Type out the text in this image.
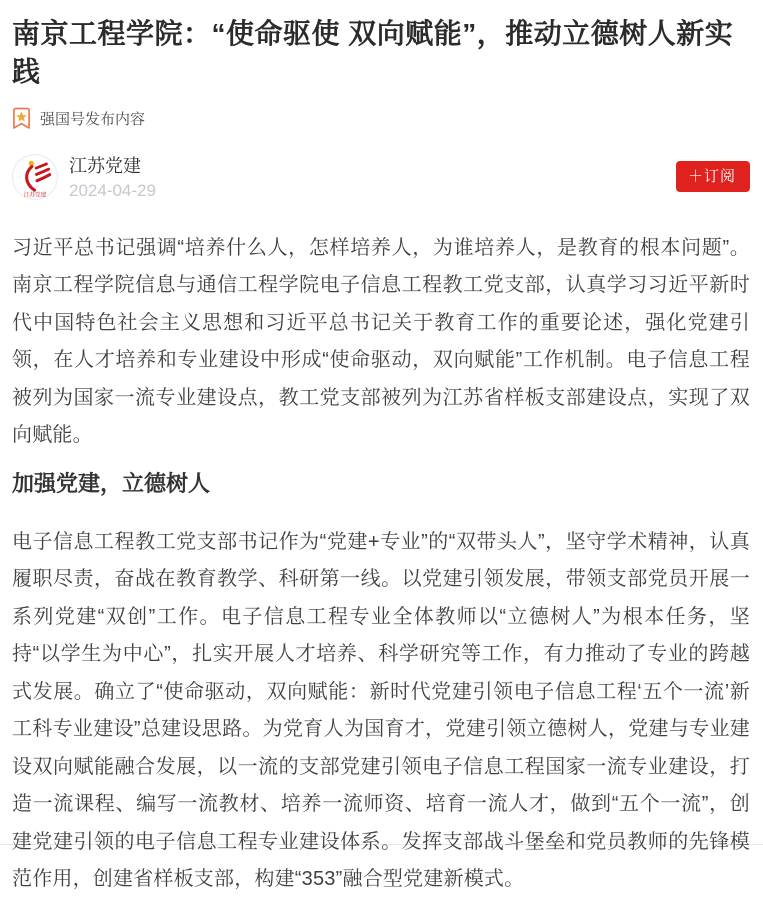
南京工程学院：“使命驱使 双向赋能”，推动立德树人新实践
强国号发布内容
江苏党建
江苏党建
2024-04-29
＋订阅

习近平总书记强调“培养什么人，怎样培养人，为谁培养人，是教育的根本问题”。南京工程学院信息与通信工程学院电子信息工程教工党支部，认真学习习近平新时代中国特色社会主义思想和习近平总书记关于教育工作的重要论述，强化党建引领，在人才培养和专业建设中形成“使命驱动，双向赋能”工作机制。电子信息工程被列为国家一流专业建设点，教工党支部被列为江苏省样板支部建设点，实现了双向赋能。

加强党建，立德树人

电子信息工程教工党支部书记作为“党建+专业”的“双带头人”，坚守学术精神，认真履职尽责，奋战在教育教学、科研第一线。以党建引领发展，带领支部党员开展一系列党建“双创”工作。电子信息工程专业全体教师以“立德树人”为根本任务，坚持“以学生为中心”，扎实开展人才培养、科学研究等工作，有力推动了专业的跨越式发展。确立了“使命驱动，双向赋能：新时代党建引领电子信息工程‘五个一流’新工科专业建设”总建设思路。为党育人为国育才，党建引领立德树人，党建与专业建设双向赋能融合发展，以一流的支部党建引领电子信息工程国家一流专业建设，打造一流课程、编写一流教材、培养一流师资、培育一流人才，做到“五个一流”，创建党建引领的电子信息工程专业建设体系。发挥支部战斗堡垒和党员教师的先锋模范作用，创建省样板支部，构建“353”融合型党建新模式。
